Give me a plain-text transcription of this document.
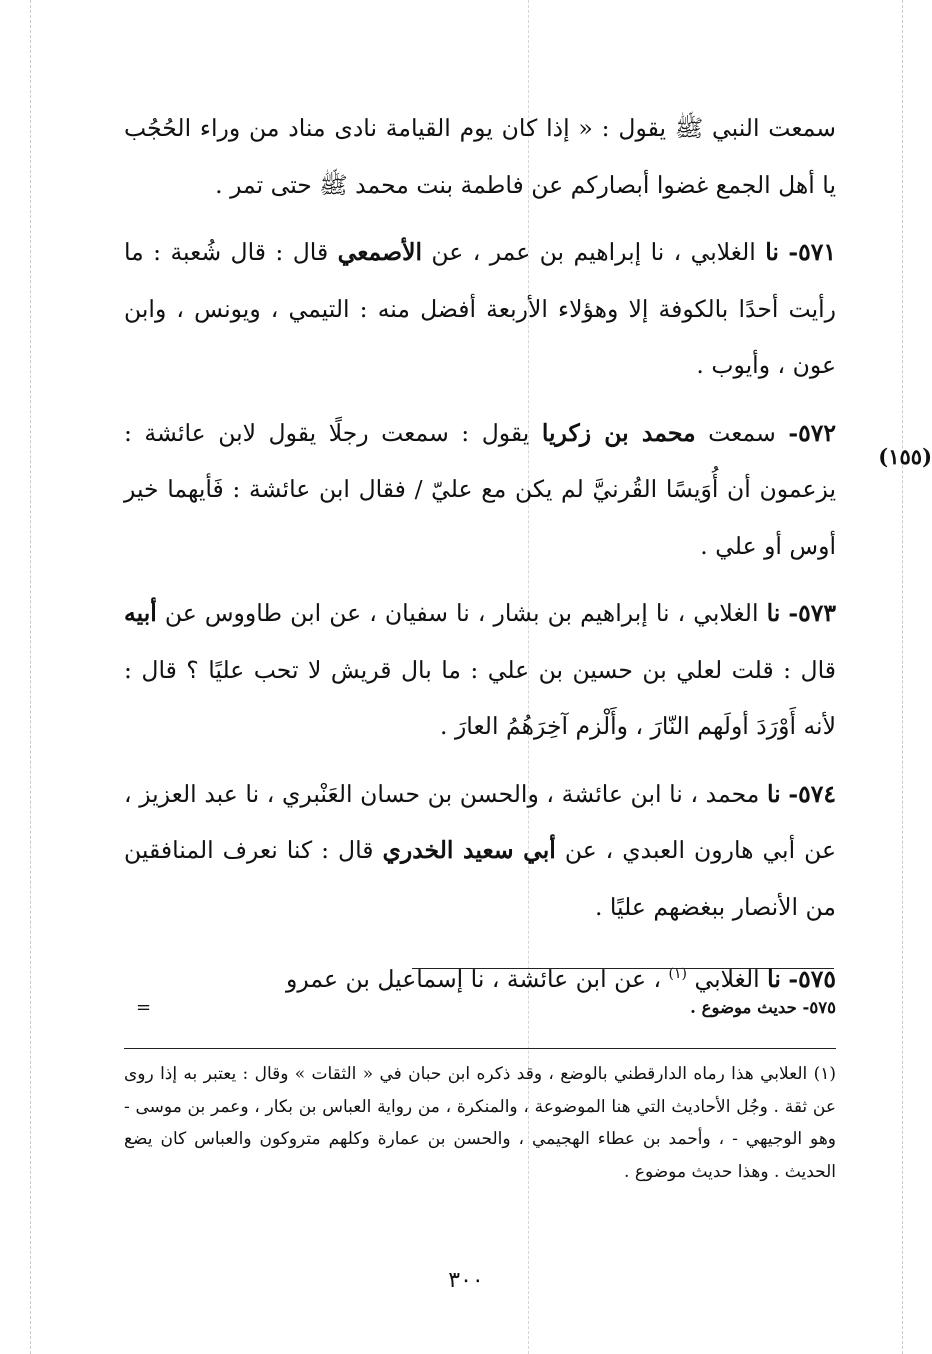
(١٥٥)

سمعت النبي ﷺ يقول : « إذا كان يوم القيامة نادى مناد من وراء الحُجُب يا أهل الجمع غضوا أبصاركم عن فاطمة بنت محمد ﷺ حتى تمر .

٥٧١- نا الغلابي ، نا إبراهيم بن عمر ، عن الأصمعي قال : قال شُعبة : ما رأيت أحدًا بالكوفة إلا وهؤلاء الأربعة أفضل منه : التيمي ، ويونس ، وابن عون ، وأيوب .

٥٧٢- سمعت محمد بن زكريا يقول : سمعت رجلًا يقول لابن عائشة : يزعمون أن أُوَيسًا القُرنيَّ لم يكن مع عليّ / فقال ابن عائشة : فَأيهما خير أوس أو علي .

٥٧٣- نا الغلابي ، نا إبراهيم بن بشار ، نا سفيان ، عن ابن طاووس عن أبيه قال : قلت لعلي بن حسين بن علي : ما بال قريش لا تحب عليًا ؟ قال : لأنه أَوْرَدَ أولَهم النّارَ ، وأَلْزم آخِرَهُمُ العارَ .

٥٧٤- نا محمد ، نا ابن عائشة ، والحسن بن حسان العَنْبري ، نا عبد العزيز ، عن أبي هارون العبدي ، عن أبي سعيد الخدري قال : كنا نعرف المنافقين من الأنصار ببغضهم عليًا .

٥٧٥- نا الغلابي $^{(١)}$ ، عن ابن عائشة ، نا إسماعيل بن عمرو

٥٧٥- حديث موضوع .
=
(١) العلابي هذا رماه الدارقطني بالوضع ، وقد ذكره ابن حبان في « الثقات » وقال : يعتبر به إذا روى عن ثقة . وجُل الأحاديث التي هنا الموضوعة ، والمنكرة ، من رواية العباس بن بكار ، وعمر بن موسى - وهو الوجيهي - ، وأحمد بن عطاء الهجيمي ، والحسن بن عمارة وكلهم متروكون والعباس كان يضع الحديث . وهذا حديث موضوع .
٣٠٠
